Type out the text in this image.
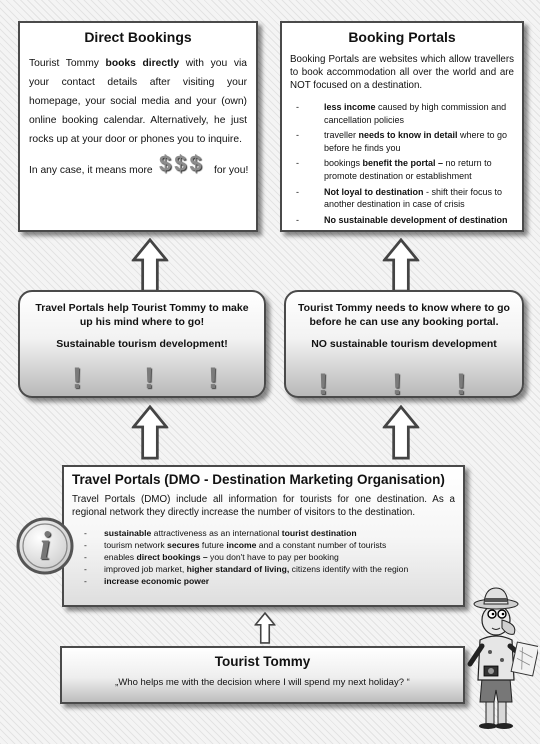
Direct Bookings

Tourist Tommy books directly with you via your contact details after visiting your homepage, your social media and your (own) online booking calendar. Alternatively, he just rocks up at your door or phones you to inquire.

In any case, it means more $$$ for you!
Booking Portals

Booking Portals are websites which allow travellers to book accommodation all over the world and are NOT focused on a destination.

- less income caused by high commission and cancellation policies
- traveller needs to know in detail where to go before he finds you
- bookings benefit the portal – no return to promote destination or establishment
- Not loyal to destination - shift their focus to another destination in case of crisis
- No sustainable development of destination
Travel Portals help Tourist Tommy to make up his mind where to go!
Sustainable tourism development!
! ! !
Tourist Tommy needs to know where to go before he can use any booking portal.
NO sustainable tourism development
! ! !
Travel Portals (DMO - Destination Marketing Organisation)

Travel Portals (DMO) include all information for tourists for one destination. As a regional network they directly increase the number of visitors to the destination.

- sustainable attractiveness as an international tourist destination
- tourism network secures future income and a constant number of tourists
- enables direct bookings – you don't have to pay per booking
- improved job market, higher standard of living, citizens identify with the region
- increase economic power
i
Tourist Tommy
„Who helps me with the decision where I will spend my next holiday? “
